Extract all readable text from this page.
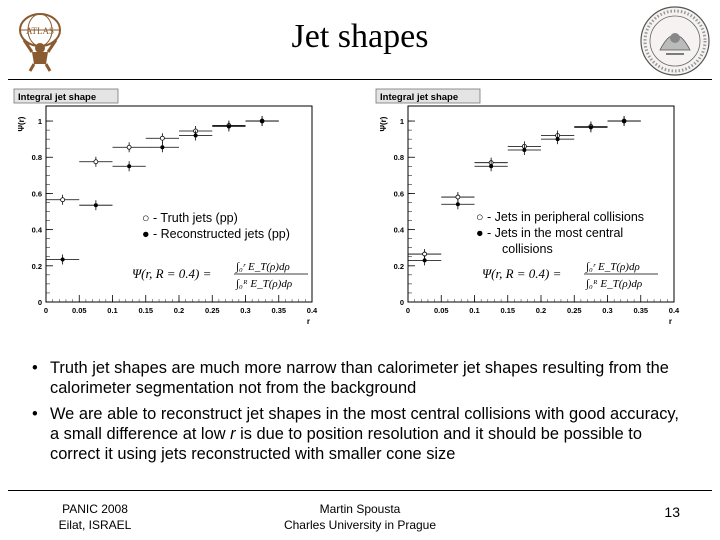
ATLAS	Jet shapes
Integral jet shape
0
0.2
0.4
0.6
0.8
1
0	0.05	0.1	0.15	0.2	0.25	0.3	0.35	0.4
r
Ψ(r)
○ - Truth jets (pp)
● - Reconstructed jets (pp)
Ψ(r, R = 0.4) = ∫₀ʳ E_T(ρ)dρ
∫₀ᴿ E_T(ρ)dρ
Integral jet shape
0
0.2
0.4
0.6
0.8
1
0	0.05	0.1	0.15	0.2	0.25	0.3	0.35	0.4
r
Ψ(r)
○ - Jets in peripheral collisions
● - Jets in the most central
collisions
Ψ(r, R = 0.4) = ∫₀ʳ E_T(ρ)dρ
∫₀ᴿ E_T(ρ)dρ
• Truth jet shapes are much more narrow than calorimeter jet shapes resulting from the calorimeter segmentation not from the background
• We are able to reconstruct jet shapes in the most central collisions with good accuracy, a small difference at low r is due to position resolution and it should be possible to correct it using jets reconstructed with smaller cone size
PANIC 2008
Eilat, ISRAEL
Martin Spousta
Charles University in Prague
13
